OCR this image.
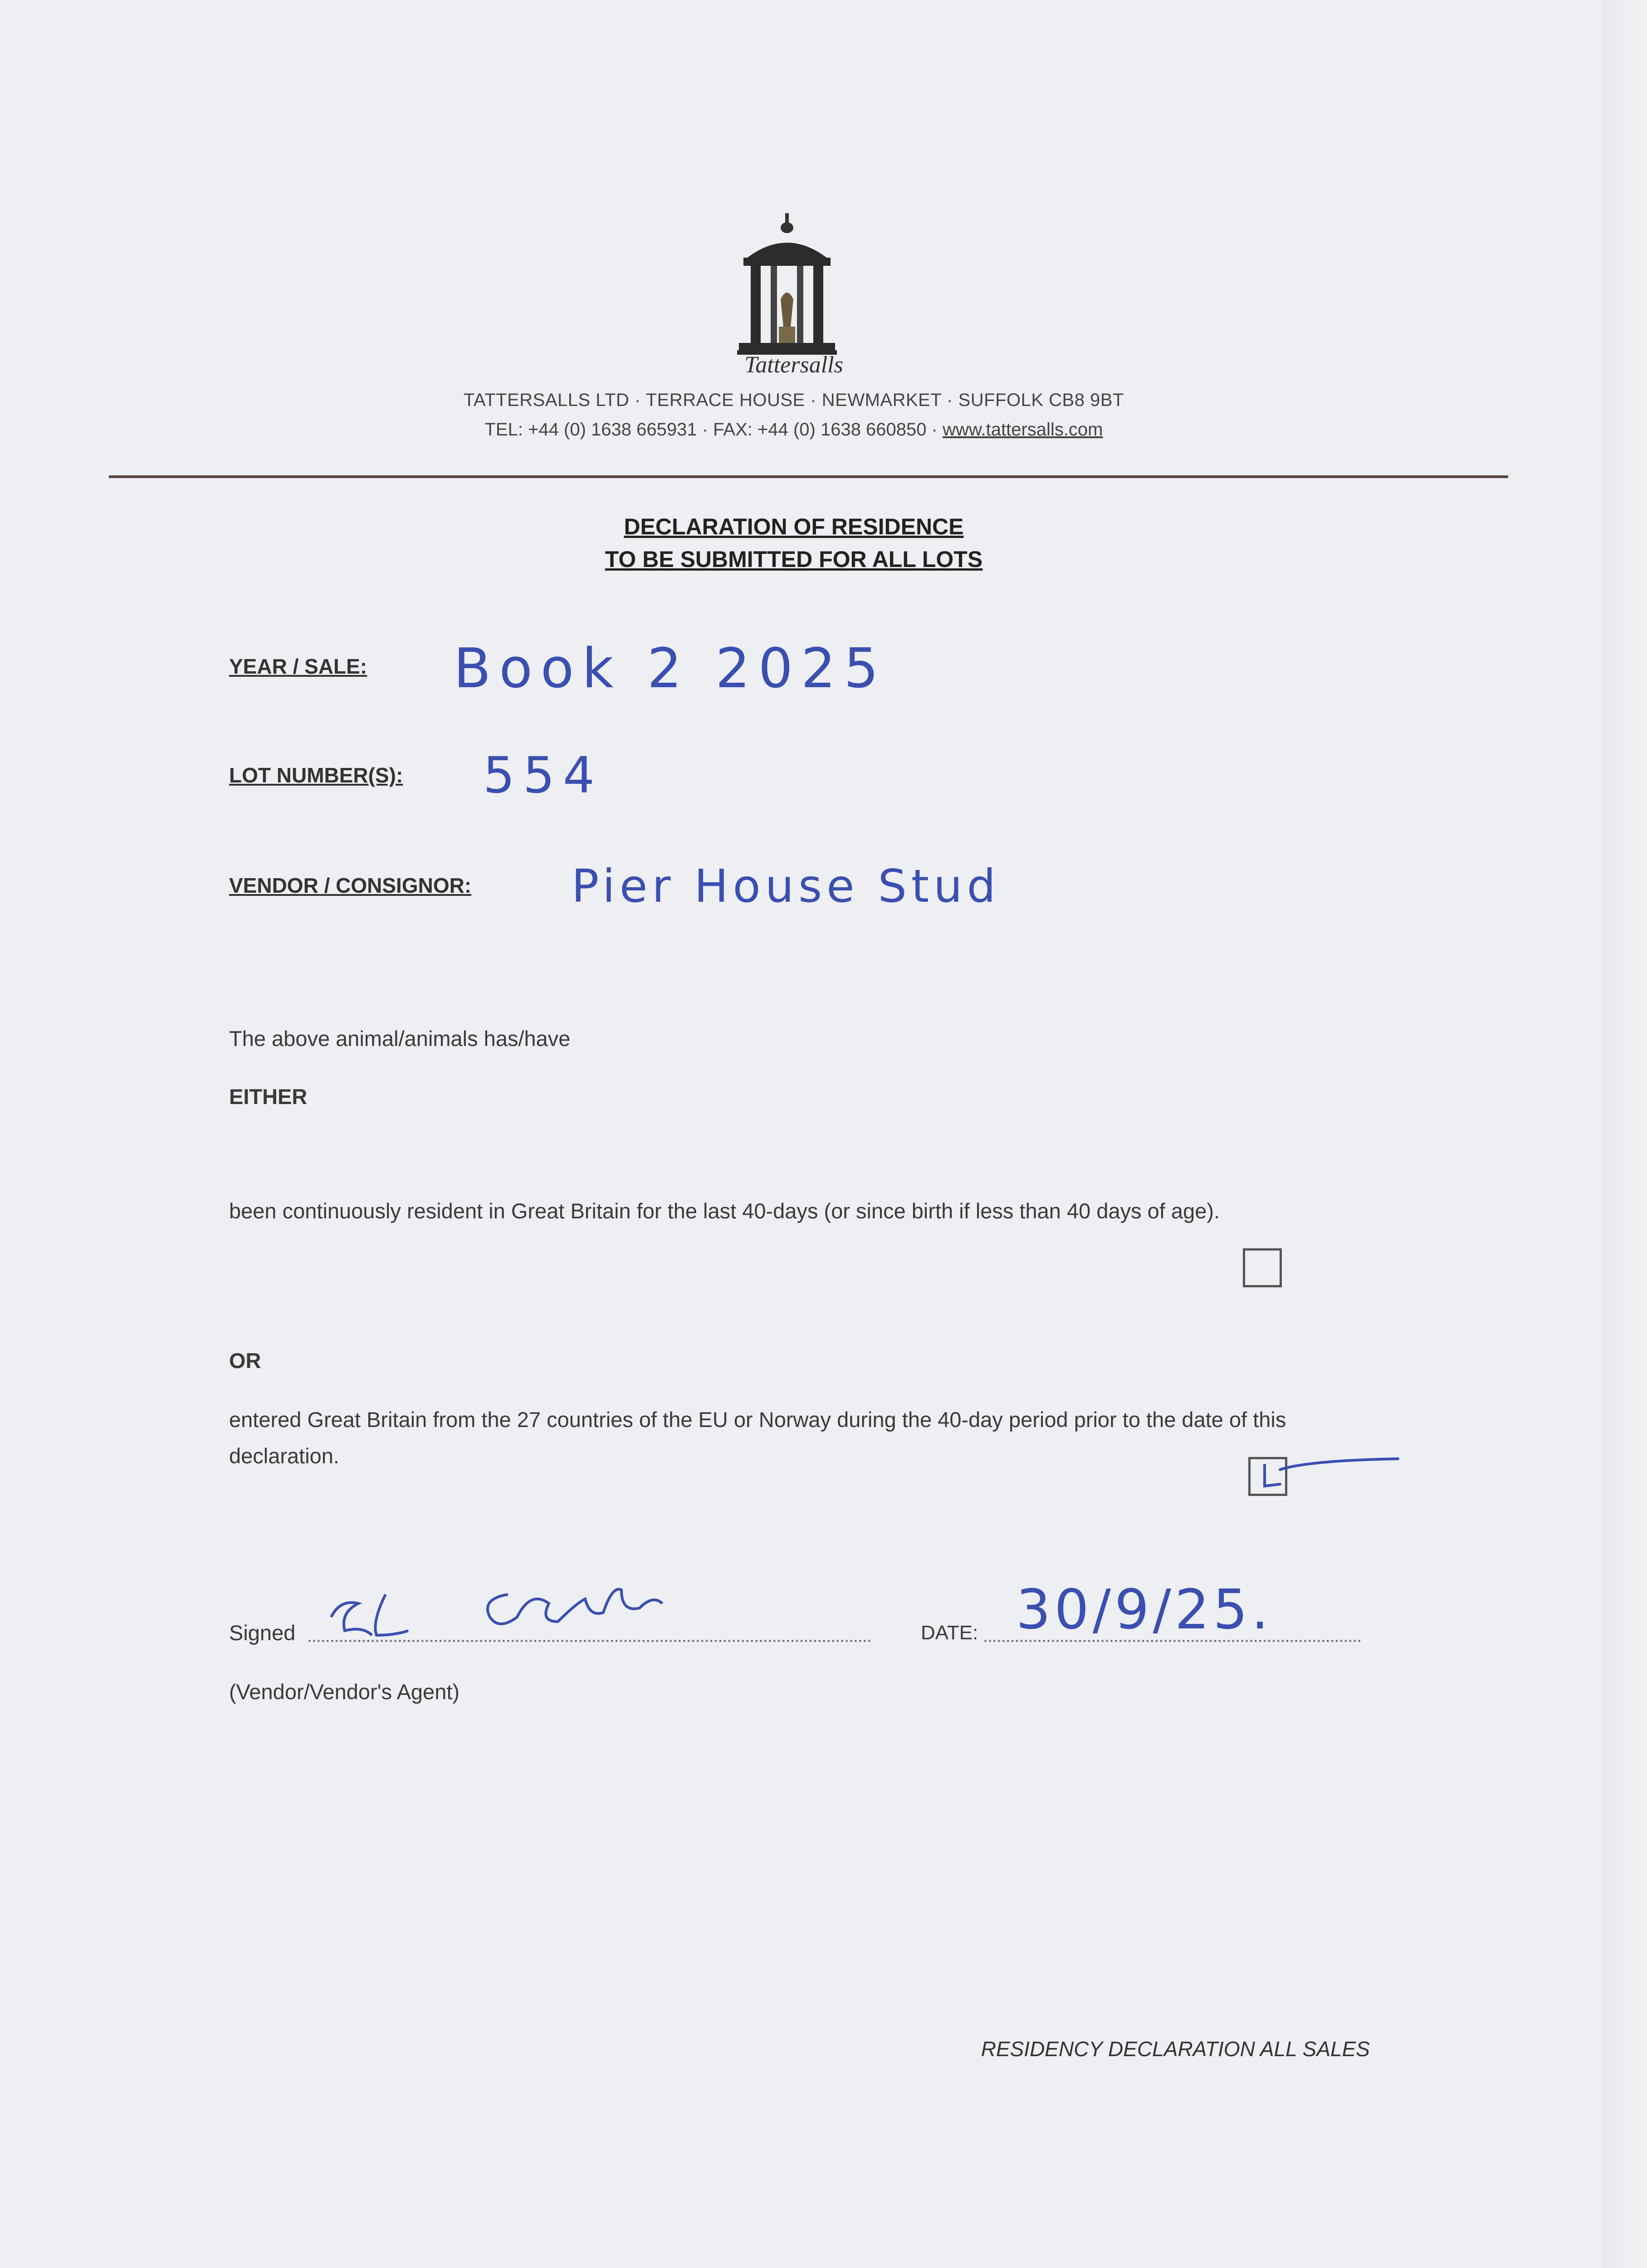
Tattersalls
TATTERSALLS LTD · TERRACE HOUSE · NEWMARKET · SUFFOLK CB8 9BT
TEL: +44 (0) 1638 665931 · FAX: +44 (0) 1638 660850 · www.tattersalls.com
DECLARATION OF RESIDENCE
TO BE SUBMITTED FOR ALL LOTS
YEAR / SALE: Book 2 2025
LOT NUMBER(S): 554
VENDOR / CONSIGNOR: Pier House Stud
The above animal/animals has/have
EITHER
been continuously resident in Great Britain for the last 40-days (or since birth if less than 40 days of age).
OR
entered Great Britain from the 27 countries of the EU or Norway during the 40-day period prior to the date of this declaration.
Signed	DATE: 30/9/25.
(Vendor/Vendor's Agent)
RESIDENCY DECLARATION ALL SALES
